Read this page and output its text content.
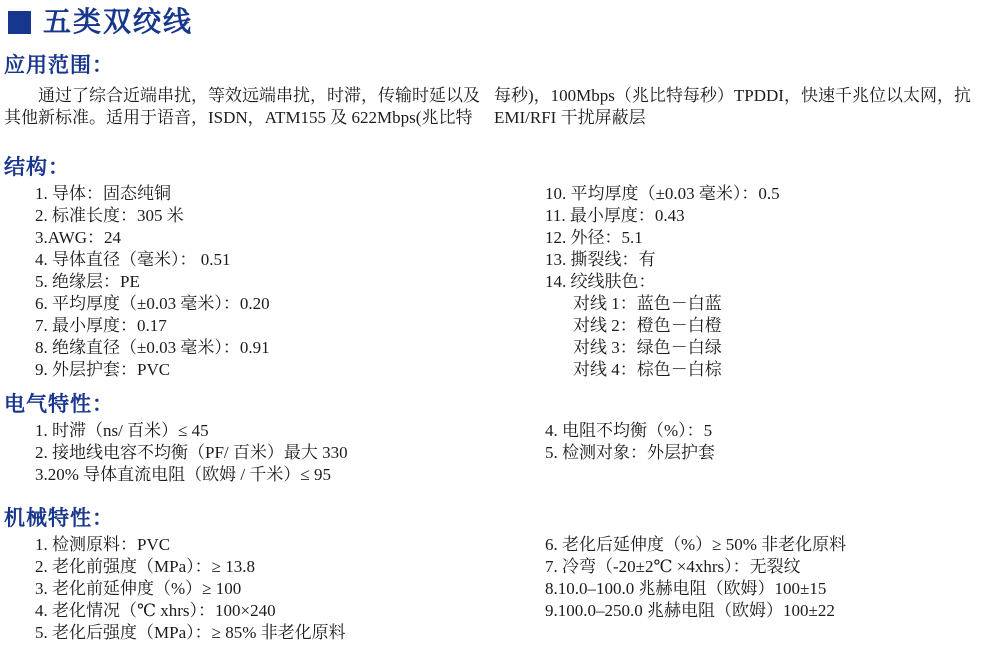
五类双绞线
应用范围：

通过了综合近端串扰，等效远端串扰，时滞，传输时延以及其他新标准。适用于语音，ISDN，ATM155 及 622Mbps(兆比特

每秒)，100Mbps（兆比特每秒）TPDDI，快速千兆位以太网，抗EMI/RFI 干扰屏蔽层

结构：
1. 导体：固态纯铜
2. 标准长度：305 米
3.AWG：24
4. 导体直径（毫米）： 0.51
5. 绝缘层：PE
6. 平均厚度（±0.03 毫米）：0.20
7. 最小厚度：0.17
8. 绝缘直径（±0.03 毫米）：0.91
9. 外层护套：PVC
10. 平均厚度（±0.03 毫米）：0.5
11. 最小厚度：0.43
12. 外径：5.1
13. 撕裂线：有
14. 绞线肤色：
对线 1：蓝色－白蓝
对线 2：橙色－白橙
对线 3：绿色－白绿
对线 4：棕色－白棕
电气特性：
1. 时滞（ns/ 百米）≤ 45
2. 接地线电容不均衡（PF/ 百米）最大 330
3.20% 导体直流电阻（欧姆 / 千米）≤ 95
4. 电阻不均衡（%）：5
5. 检测对象：外层护套
机械特性：
1. 检测原料：PVC
2. 老化前强度（MPa）：≥ 13.8
3. 老化前延伸度（%）≥ 100
4. 老化情况（℃ xhrs）：100×240
5. 老化后强度（MPa）：≥ 85% 非老化原料
6. 老化后延伸度（%）≥ 50% 非老化原料
7. 冷弯（-20±2℃ ×4xhrs）：无裂纹
8.10.0–100.0 兆赫电阻（欧姆）100±15
9.100.0–250.0 兆赫电阻（欧姆）100±22
